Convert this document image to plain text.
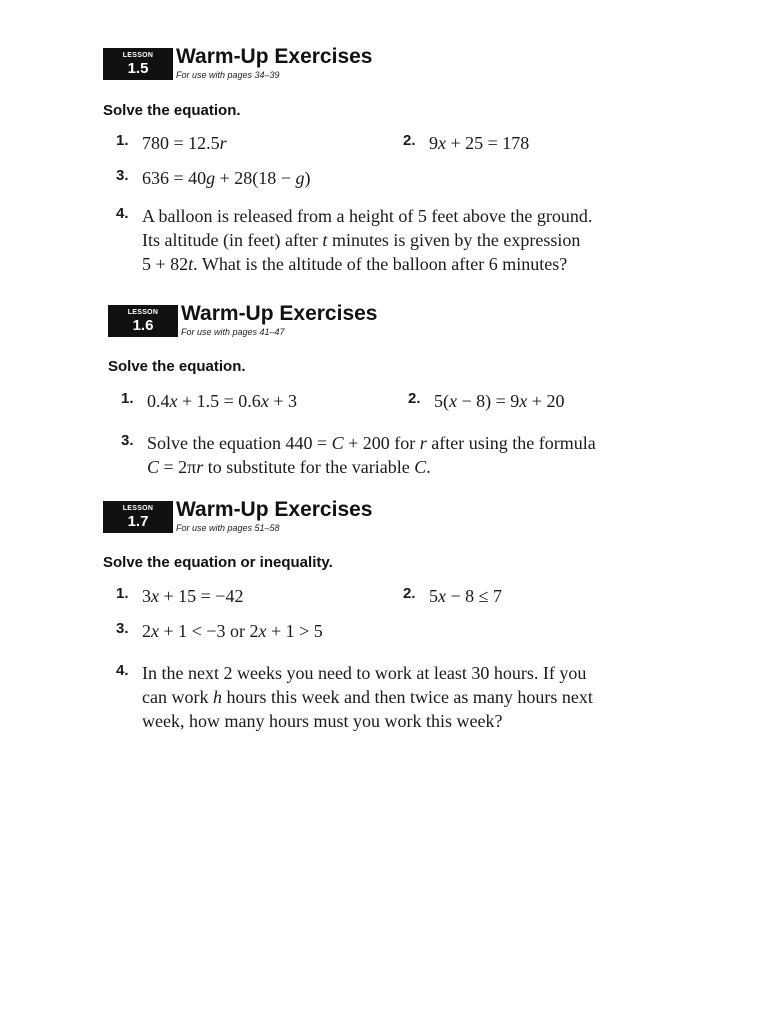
LESSON
1.5
Warm-Up Exercises
For use with pages 34–39
Solve the equation.
1. 780 = 12.5r	2. 9x + 25 = 178
3. 636 = 40g + 28(18 − g)
4. A balloon is released from a height of 5 feet above the ground.
Its altitude (in feet) after t minutes is given by the expression
5 + 82t. What is the altitude of the balloon after 6 minutes?
LESSON
1.6
Warm-Up Exercises
For use with pages 41–47
Solve the equation.
1. 0.4x + 1.5 = 0.6x + 3	2. 5(x − 8) = 9x + 20
3. Solve the equation 440 = C + 200 for r after using the formula
C = 2πr to substitute for the variable C.
LESSON
1.7
Warm-Up Exercises
For use with pages 51–58
Solve the equation or inequality.
1. 3x + 15 = −42	2. 5x − 8 ≤ 7
3. 2x + 1 < −3 or 2x + 1 > 5
4. In the next 2 weeks you need to work at least 30 hours. If you
can work h hours this week and then twice as many hours next
week, how many hours must you work this week?
